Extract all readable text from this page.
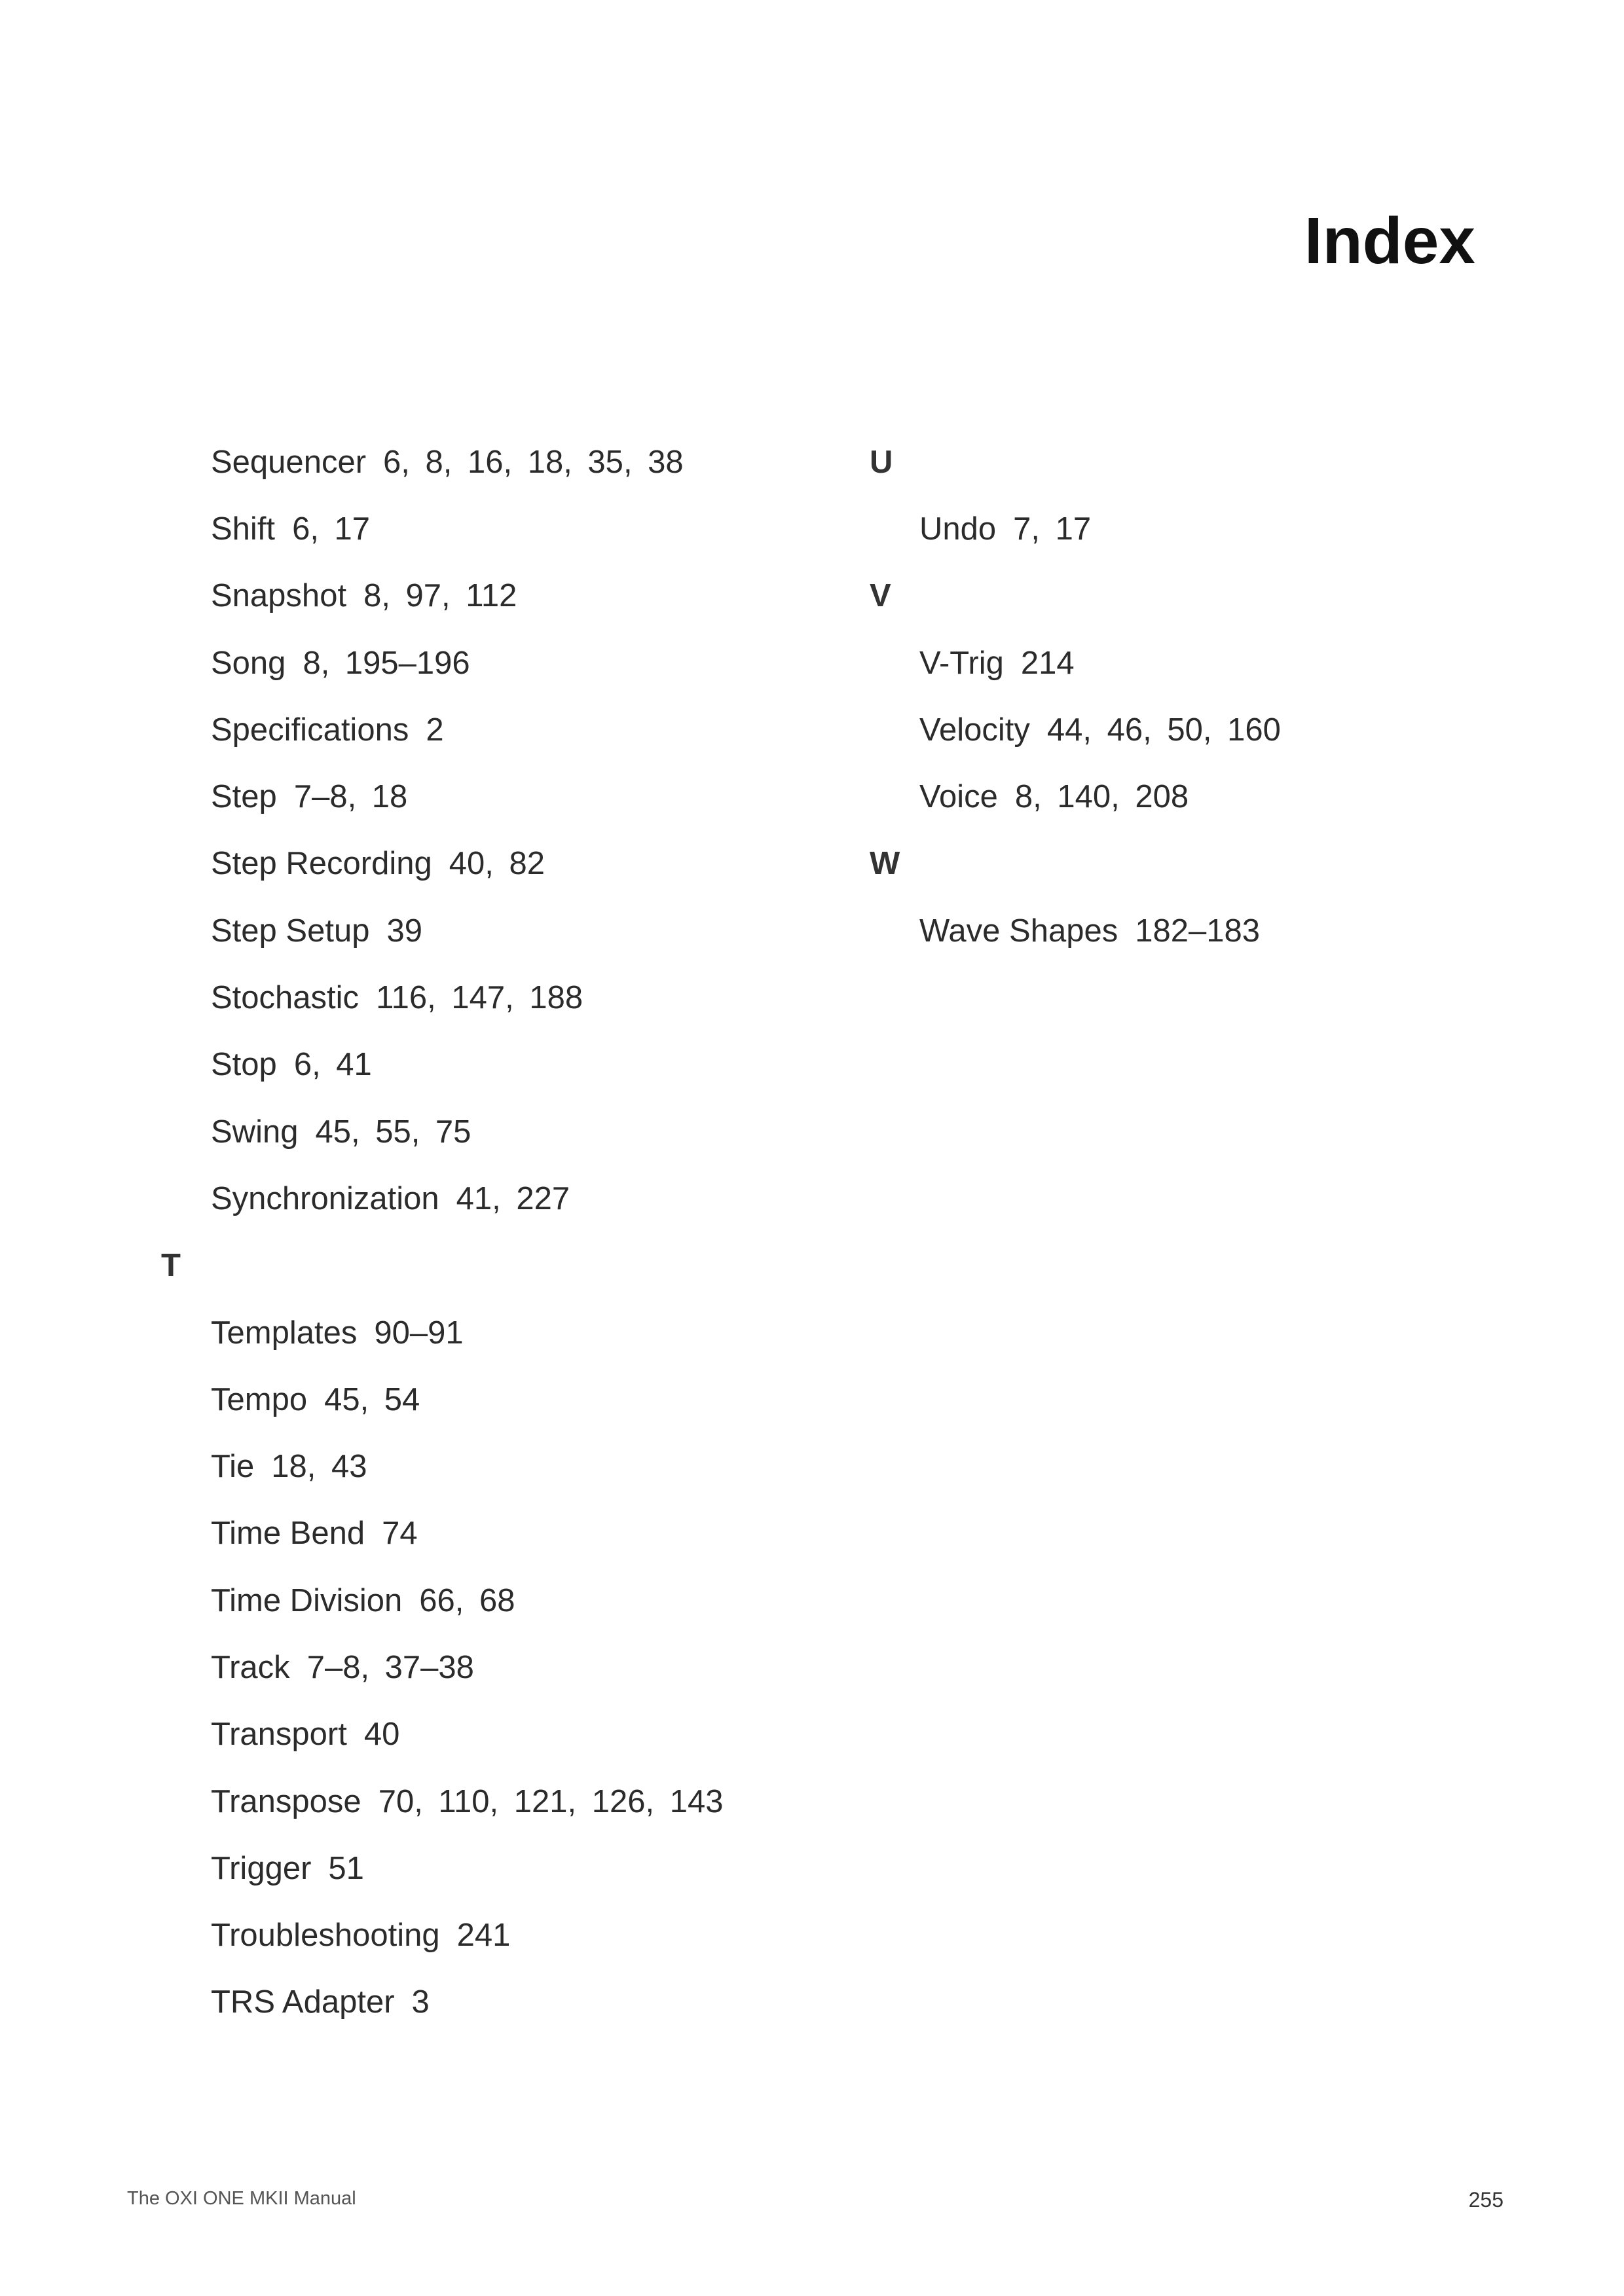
Index
Sequencer 6, 8, 16, 18, 35, 38
Shift 6, 17
Snapshot 8, 97, 112
Song 8, 195–196
Specifications 2
Step 7–8, 18
Step Recording 40, 82
Step Setup 39
Stochastic 116, 147, 188
Stop 6, 41
Swing 45, 55, 75
Synchronization 41, 227
T
Templates 90–91
Tempo 45, 54
Tie 18, 43
Time Bend 74
Time Division 66, 68
Track 7–8, 37–38
Transport 40
Transpose 70, 110, 121, 126, 143
Trigger 51
Troubleshooting 241
TRS Adapter 3
U
Undo 7, 17
V
V-Trig 214
Velocity 44, 46, 50, 160
Voice 8, 140, 208
W
Wave Shapes 182–183
The OXI ONE MKII Manual	255
